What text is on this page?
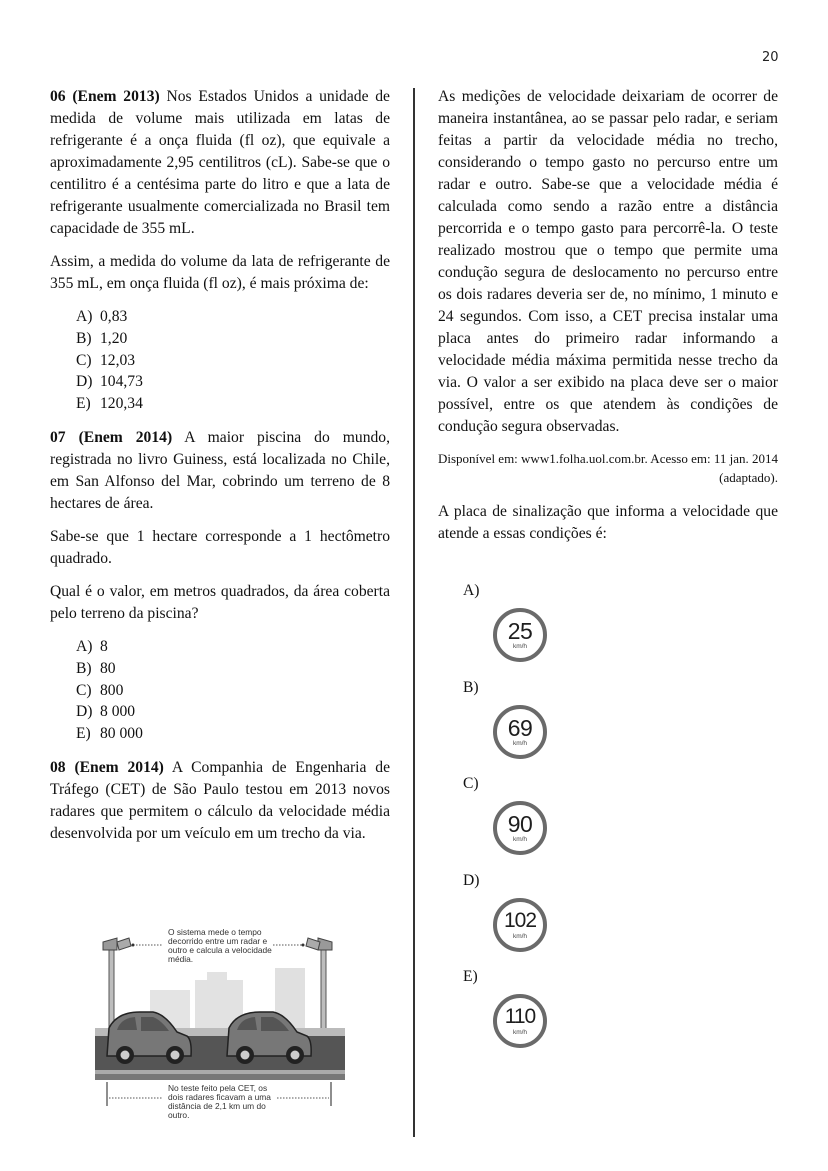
20

06 (Enem 2013) Nos Estados Unidos a unidade de medida de volume mais utilizada em latas de refrigerante é a onça fluida (fl oz), que equivale a aproximadamente 2,95 centilitros (cL). Sabe-se que o centilitro é a centésima parte do litro e que a lata de refrigerante usualmente comercializada no Brasil tem capacidade de 355 mL.

Assim, a medida do volume da lata de refrigerante de 355 mL, em onça fluida (fl oz), é mais próxima de:

A) 0,83
B) 1,20
C) 12,03
D) 104,73
E) 120,34

07 (Enem 2014) A maior piscina do mundo, registrada no livro Guiness, está localizada no Chile, em San Alfonso del Mar, cobrindo um terreno de 8 hectares de área.

Sabe-se que 1 hectare corresponde a 1 hectômetro quadrado.

Qual é o valor, em metros quadrados, da área coberta pelo terreno da piscina?

A) 8
B) 80
C) 800
D) 8 000
E) 80 000

08 (Enem 2014) A Companhia de Engenharia de Tráfego (CET) de São Paulo testou em 2013 novos radares que permitem o cálculo da velocidade média desenvolvida por um veículo em um trecho da via.

O sistema mede o tempo decorrido entre um radar e outro e calcula a velocidade média.
No teste feito pela CET, os dois radares ficavam a uma distância de 2,1 km um do outro.

As medições de velocidade deixariam de ocorrer de maneira instantânea, ao se passar pelo radar, e seriam feitas a partir da velocidade média no trecho, considerando o tempo gasto no percurso entre um radar e outro. Sabe-se que a velocidade média é calculada como sendo a razão entre a distância percorrida e o tempo gasto para percorrê-la. O teste realizado mostrou que o tempo que permite uma condução segura de deslocamento no percurso entre os dois radares deveria ser de, no mínimo, 1 minuto e 24 segundos. Com isso, a CET precisa instalar uma placa antes do primeiro radar informando a velocidade média máxima permitida nesse trecho da via. O valor a ser exibido na placa deve ser o maior possível, entre os que atendem às condições de condução segura observadas.

Disponível em: www1.folha.uol.com.br. Acesso em: 11 jan. 2014 (adaptado).

A placa de sinalização que informa a velocidade que atende a essas condições é:

A)
25
km/h
B)
69
km/h
C)
90
km/h
D)
102
km/h
E)
110
km/h
